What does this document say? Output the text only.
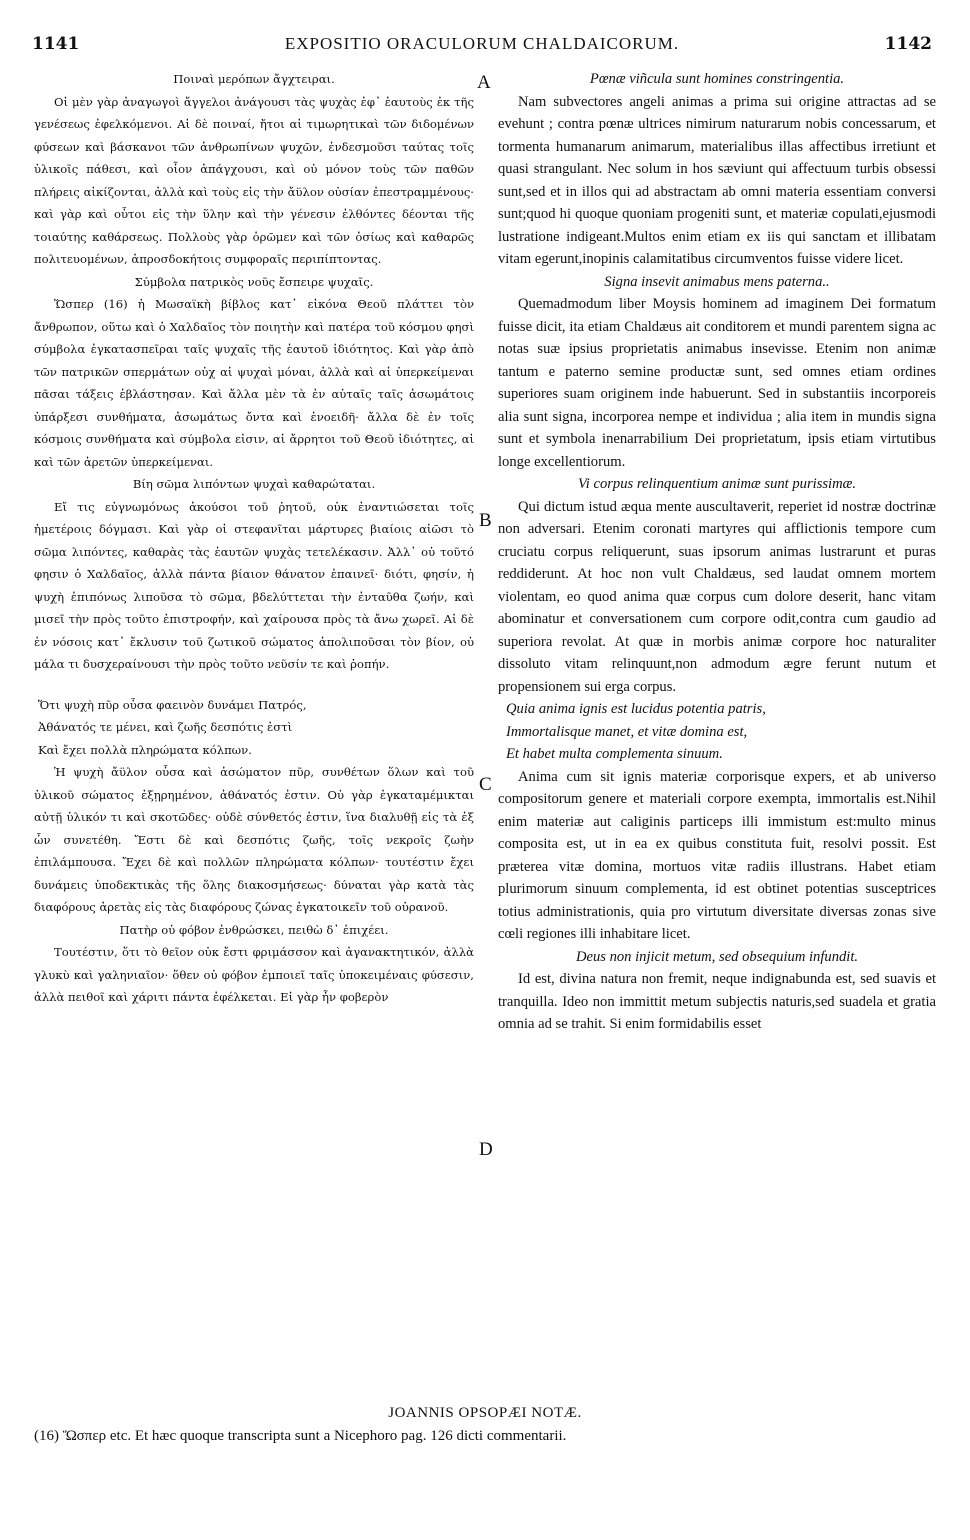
1141	EXPOSITIO ORACULORUM CHALDAICORUM.	1142

Ποιναὶ μερόπων ἄγχτειραι.

Οἱ μὲν γὰρ ἀναγωγοὶ ἄγγελοι ἀνάγουσι τὰς ψυχὰς ἐφ᾽ ἑαυτοὺς ἐκ τῆς γενέσεως ἐφελκόμενοι. Αἱ δὲ ποιναί, ἤτοι αἱ τιμωρητικαὶ τῶν διδομένων φύσεων καὶ βάσκανοι τῶν ἀνθρωπίνων ψυχῶν, ἐνδεσμοῦσι ταύτας τοῖς ὑλικοῖς πάθεσι, καὶ οἷον ἀπάγχουσι, καὶ οὐ μόνον τοὺς τῶν παθῶν πλήρεις αἰκίζονται, ἀλλὰ καὶ τοὺς εἰς τὴν ἄϋλον οὐσίαν ἐπεστραμμένους· καὶ γὰρ καὶ οὗτοι εἰς τὴν ὕλην καὶ τὴν γένεσιν ἐλθόντες δέονται τῆς τοιαύτης καθάρσεως. Πολλοὺς γὰρ ὁρῶμεν καὶ τῶν ὁσίως καὶ καθαρῶς πολιτευομένων, ἀπροσδοκήτοις συμφοραῖς περιπίπτοντας.

Σύμβολα πατρικὸς νοῦς ἔσπειρε ψυχαῖς.

Ὥσπερ (16) ἡ Μωσαϊκὴ βίβλος κατ᾽ εἰκόνα Θεοῦ πλάττει τὸν ἄνθρωπον, οὕτω καὶ ὁ Χαλδαῖος τὸν ποιητὴν καὶ πατέρα τοῦ κόσμου φησὶ σύμβολα ἐγκατασπεῖραι ταῖς ψυχαῖς τῆς ἑαυτοῦ ἰδιότητος. Καὶ γὰρ ἀπὸ τῶν πατρικῶν σπερμάτων οὐχ αἱ ψυχαὶ μόναι, ἀλλὰ καὶ αἱ ὑπερκείμεναι πᾶσαι τάξεις ἐβλάστησαν. Καὶ ἄλλα μὲν τὰ ἐν αὐταῖς ταῖς ἀσωμάτοις ὑπάρξεσι συνθήματα, ἀσωμάτως ὄντα καὶ ἐνοειδῆ· ἄλλα δὲ ἐν τοῖς κόσμοις συνθήματα καὶ σύμβολα εἰσιν, αἱ ἄρρητοι τοῦ Θεοῦ ἰδιότητες, αἱ καὶ τῶν ἀρετῶν ὑπερκείμεναι.

Βίη σῶμα λιπόντων ψυχαὶ καθαρώταται.

Εἴ τις εὐγνωμόνως ἀκούσοι τοῦ ῥητοῦ, οὐκ ἐναντιώσεται τοῖς ἡμετέροις δόγμασι. Καὶ γὰρ οἱ στεφανῖται μάρτυρες βιαίοις αἰῶσι τὸ σῶμα λιπόντες, καθαρὰς τὰς ἑαυτῶν ψυχὰς τετελέκασιν. Ἀλλ᾽ οὐ τοῦτό φησιν ὁ Χαλδαῖος, ἀλλὰ πάντα βίαιον θάνατον ἐπαινεῖ· διότι, φησίν, ἡ ψυχὴ ἐπιπόνως λιποῦσα τὸ σῶμα, βδελύττεται τὴν ἐνταῦθα ζωήν, καὶ μισεῖ τὴν πρὸς τοῦτο ἐπιστροφήν, καὶ χαίρουσα πρὸς τὰ ἄνω χωρεῖ. Αἱ δὲ ἐν νόσοις κατ᾽ ἔκλυσιν τοῦ ζωτικοῦ σώματος ἀπολιποῦσαι τὸν βίον, οὐ μάλα τι δυσχεραίνουσι τὴν πρὸς τοῦτο νεῦσίν τε καὶ ῥοπήν.

Ὅτι ψυχὴ πῦρ οὖσα φαεινὸν δυνάμει Πατρός,

Ἀθάνατός τε μένει, καὶ ζωῆς δεσπότις ἐστὶ

Καὶ ἔχει πολλὰ πληρώματα κόλπων.

Ἡ ψυχὴ ἄϋλον οὖσα καὶ ἀσώματον πῦρ, συνθέτων ὅλων καὶ τοῦ ὑλικοῦ σώματος ἐξῃρημένον, ἀθάνατός ἐστιν. Οὐ γὰρ ἐγκαταμέμικται αὐτῇ ὑλικόν τι καὶ σκοτῶδες· οὐδὲ σύνθετός ἐστιν, ἵνα διαλυθῇ εἰς τὰ ἐξ ὧν συνετέθη. Ἔστι δὲ καὶ δεσπότις ζωῆς, τοῖς νεκροῖς ζωὴν ἐπιλάμπουσα. Ἔχει δὲ καὶ πολλῶν πληρώματα κόλπων· τουτέστιν ἔχει δυνάμεις ὑποδεκτικὰς τῆς ὅλης διακοσμήσεως· δύναται γὰρ κατὰ τὰς διαφόρους ἀρετὰς εἰς τὰς διαφόρους ζώνας ἐγκατοικεῖν τοῦ οὐρανοῦ.

Πατὴρ οὐ φόβον ἐνθρώσκει, πειθὼ δ᾽ ἐπιχέει.

Τουτέστιν, ὅτι τὸ θεῖον οὐκ ἔστι φριμάσσον καὶ ἀγανακτητικόν, ἀλλὰ γλυκὺ καὶ γαληνιαῖον· ὅθεν οὐ φόβον ἐμποιεῖ ταῖς ὑποκειμέναις φύσεσιν, ἀλλὰ πειθοῖ καὶ χάριτι πάντα ἐφέλκεται. Εἰ γὰρ ἦν φοβερὸν

Pœnæ viñcula sunt homines constringentia.

Nam subvectores angeli animas a prima sui origine attractas ad se evehunt ; contra pœnæ ultrices nimirum naturarum nobis concessarum, et tormenta humanarum animarum, materialibus illas affectibus irretiunt et quasi strangulant. Nec solum in hos sæviunt qui affectuum turbis obsessi sunt,sed et in illos qui ad abstractam ab omni materia essentiam conversi sunt;quod hi quoque quoniam progeniti sunt, et materiæ copulati,ejusmodi lustratione indigeant.Multos enim etiam ex iis qui sanctam et illibatam vitam egerunt,inopinis calamitatibus circumventos fuisse videre licet.

Signa insevit animabus mens paterna..

Quemadmodum liber Moysis hominem ad imaginem Dei formatum fuisse dicit, ita etiam Chaldæus ait conditorem et mundi parentem signa ac notas suæ ipsius proprietatis animabus insevisse. Etenim non animæ tantum e paterno semine productæ sunt, sed omnes etiam ordines superiores suam originem inde habuerunt. Sed in substantiis incorporeis alia sunt signa, incorporea nempe et individua ; alia item in mundis signa sunt et symbola inenarrabilium Dei proprietatum, ipsis etiam virtutibus longe excellentiorum.

Vi corpus relinquentium animæ sunt purissimæ.

Qui dictum istud æqua mente auscultaverit, reperiet id nostræ doctrinæ non adversari. Etenim coronati martyres qui afflictionis tempore cum cruciatu corpus reliquerunt, suas ipsorum animas lustrarunt et puras reddiderunt. At hoc non vult Chaldæus, sed laudat omnem mortem violentam, eo quod anima quæ corpus cum dolore deserit, hanc vitam abominatur et conversationem cum corpore odit,contra cum gaudio ad superiora revolat. At quæ in morbis animæ corpore hoc naturaliter dissoluto vitam relinquunt,non admodum ægre ferunt nutum et propensionem sui erga corpus.

Quia anima ignis est lucidus potentia patris,

Immortalisque manet, et vitæ domina est,

Et habet multa complementa sinuum.

Anima cum sit ignis materiæ corporisque expers, et ab universo compositorum genere et materiali corpore exempta, immortalis est.Nihil enim materiæ aut caliginis particeps illi immistum est:multo minus composita est, ut in ea ex quibus constituta fuit, resolvi possit. Est præterea vitæ domina, mortuos vitæ radiis illustrans. Habet etiam plurimorum sinuum complementa, id est obtinet potentias susceptrices totius administrationis, quia pro virtutum diversitate diversas zonas sive cœli regiones illi inhabitare licet.

Deus non injicit metum, sed obsequium infundit.

Id est, divina natura non fremit, neque indignabunda est, sed suavis et tranquilla. Ideo non immittit metum subjectis naturis,sed suadela et gratia omnia ad se trahit. Si enim formidabilis esset

A
B
C
D
JOANNIS OPSOPÆI NOTÆ.
(16) Ὥσπερ etc. Et hæc quoque transcripta sunt a Nicephoro pag. 126 dicti commentarii.
